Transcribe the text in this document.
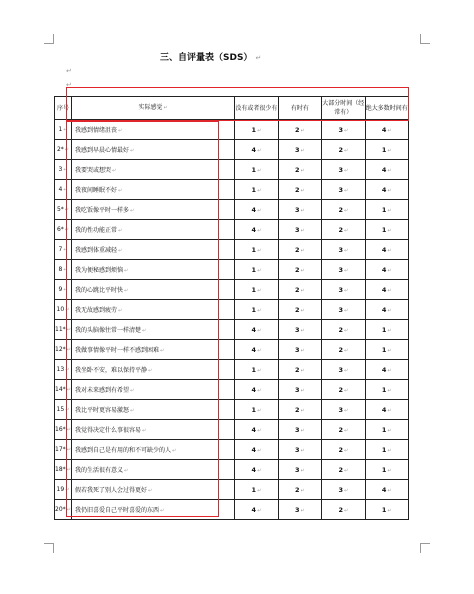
三、自评量表（SDS） ↵
↵
↵
序号	实际感觉↵	没有或者很少有	有时有	大部分时间（经常有）	绝大多数时间有
1↵	我感到情绪沮丧↵	1↵	2↵	3↵	4↵
2*↵	我感到早晨心情最好↵	4↵	3↵	2↵	1↵
3↵	我要哭或想哭↵	1↵	2↵	3↵	4↵
4↵	我夜间睡眠不好↵	1↵	2↵	3↵	4↵
5*↵	我吃饭像平时一样多↵	4↵	3↵	2↵	1↵
6*↵	我的性功能正常↵	4↵	3↵	2↵	1↵
7↵	我感到体重减轻↵	1↵	2↵	3↵	4↵
8↵	我为便秘感到烦恼↵	1↵	2↵	3↵	4↵
9↵	我的心跳比平时快↵	1↵	2↵	3↵	4↵
10↵	我无故感到疲劳↵	1↵	2↵	3↵	4↵
11*↵	我的头脑像往常一样清楚↵	4↵	3↵	2↵	1↵
12*↵	我做事情像平时一样不感到困难↵	4↵	3↵	2↵	1↵
13↵	我坐卧不安，难以保持平静↵	1↵	2↵	3↵	4↵
14*↵	我对未来感到有希望↵	4↵	3↵	2↵	1↵
15↵	我比平时更容易激怒↵	1↵	2↵	3↵	4↵
16*↵	我觉得决定什么事很容易↵	4↵	3↵	2↵	1↵
17*↵	我感到自己是有用的和不可缺少的人↵	4↵	3↵	2↵	1↵
18*↵	我的生活很有意义↵	4↵	3↵	2↵	1↵
19↵	假若我死了别人会过得更好↵	1↵	2↵	3↵	4↵
20*↵	我仍旧喜爱自己平时喜爱的东西↵	4↵	3↵	2↵	1↵
